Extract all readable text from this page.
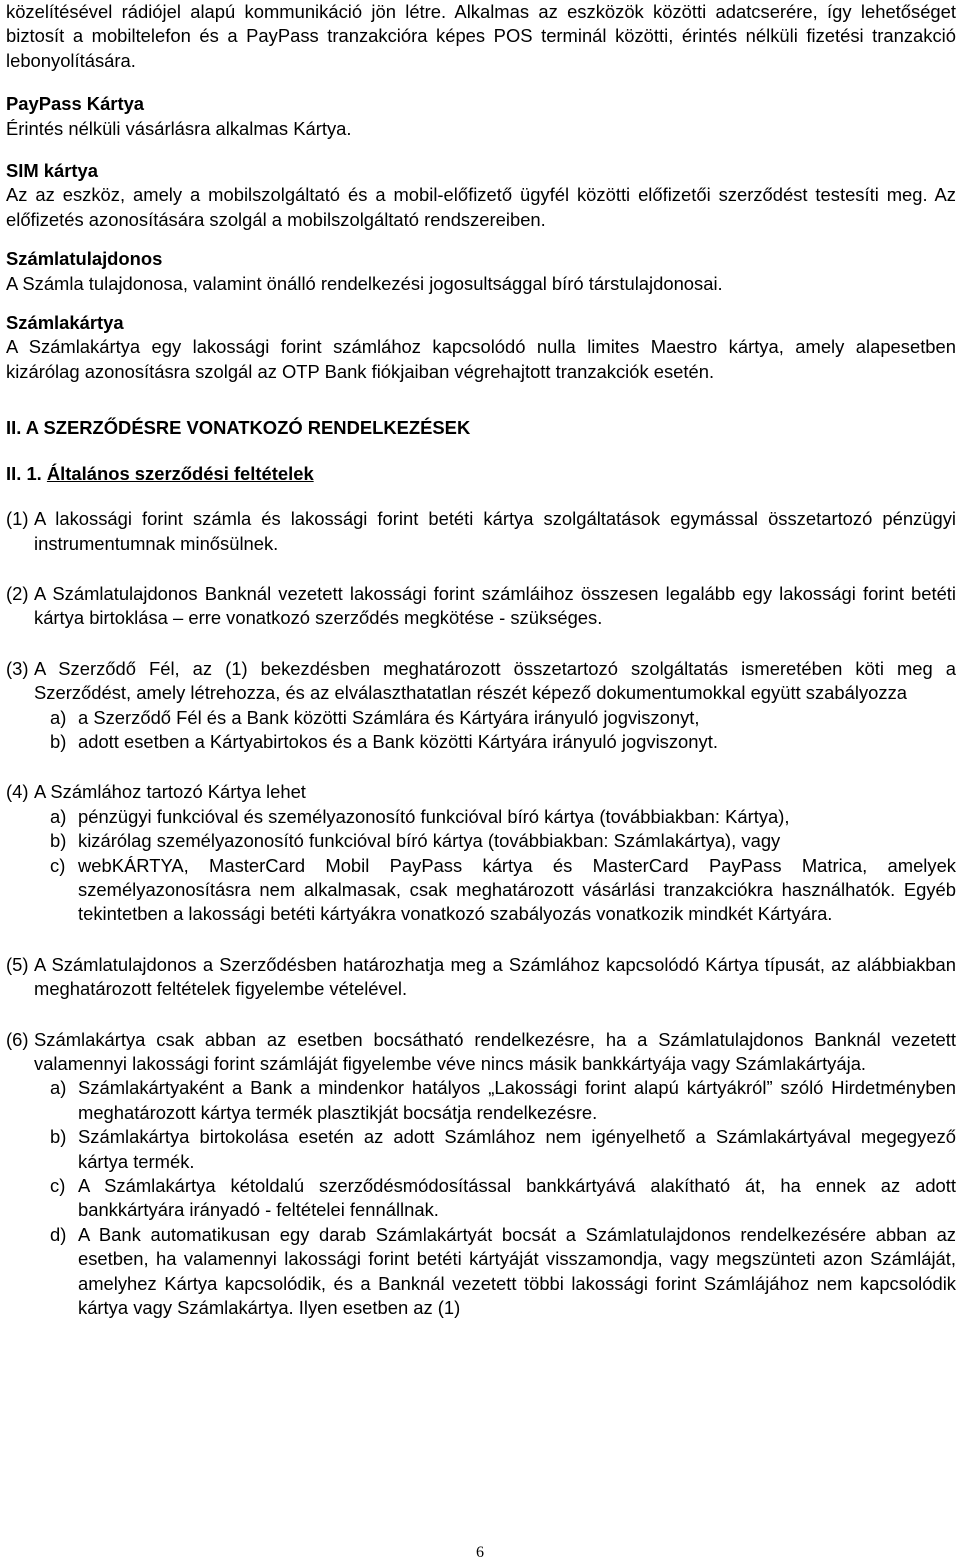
közelítésével rádiójel alapú kommunikáció jön létre. Alkalmas az eszközök közötti adatcserére, így lehetőséget biztosít a mobiltelefon és a PayPass tranzakcióra képes POS terminál közötti, érintés nélküli fizetési tranzakció lebonyolítására.

PayPass Kártya

Érintés nélküli vásárlásra alkalmas Kártya.

SIM kártya

Az az eszköz, amely a mobilszolgáltató és a mobil-előfizető ügyfél közötti előfizetői szerződést testesíti meg. Az előfizetés azonosítására szolgál a mobilszolgáltató rendszereiben.

Számlatulajdonos

A Számla tulajdonosa, valamint önálló rendelkezési jogosultsággal bíró társtulajdonosai.

Számlakártya

A Számlakártya egy lakossági forint számlához kapcsolódó nulla limites Maestro kártya, amely alapesetben kizárólag azonosításra szolgál az OTP Bank fiókjaiban végrehajtott tranzakciók esetén.

II. A SZERZŐDÉSRE VONATKOZÓ RENDELKEZÉSEK

II. 1. Általános szerződési feltételek

(1) A lakossági forint számla és lakossági forint betéti kártya szolgáltatások egymással összetartozó pénzügyi instrumentumnak minősülnek.
(2) A Számlatulajdonos Banknál vezetett lakossági forint számláihoz összesen legalább egy lakossági forint betéti kártya birtoklása – erre vonatkozó szerződés megkötése - szükséges.
(3) A Szerződő Fél, az (1) bekezdésben meghatározott összetartozó szolgáltatás ismeretében köti meg a Szerződést, amely létrehozza, és az elválaszthatatlan részét képező dokumentumokkal együtt szabályozza
a) a Szerződő Fél és a Bank közötti Számlára és Kártyára irányuló jogviszonyt,
b) adott esetben a Kártyabirtokos és a Bank közötti Kártyára irányuló jogviszonyt.
(4) A Számlához tartozó Kártya lehet
a) pénzügyi funkcióval és személyazonosító funkcióval bíró kártya (továbbiakban: Kártya),
b) kizárólag személyazonosító funkcióval bíró kártya (továbbiakban: Számlakártya), vagy
c) webKÁRTYA, MasterCard Mobil PayPass kártya és MasterCard PayPass Matrica, amelyek személyazonosításra nem alkalmasak, csak meghatározott vásárlási tranzakciókra használhatók. Egyéb tekintetben a lakossági betéti kártyákra vonatkozó szabályozás vonatkozik mindkét Kártyára.
(5) A Számlatulajdonos a Szerződésben határozhatja meg a Számlához kapcsolódó Kártya típusát, az alábbiakban meghatározott feltételek figyelembe vételével.
(6) Számlakártya csak abban az esetben bocsátható rendelkezésre, ha a Számlatulajdonos Banknál vezetett valamennyi lakossági forint számláját figyelembe véve nincs másik bankkártyája vagy Számlakártyája.
a) Számlakártyaként a Bank a mindenkor hatályos „Lakossági forint alapú kártyákról” szóló Hirdetményben meghatározott kártya termék plasztikját bocsátja rendelkezésre.
b) Számlakártya birtokolása esetén az adott Számlához nem igényelhető a Számlakártyával megegyező kártya termék.
c) A Számlakártya kétoldalú szerződésmódosítással bankkártyává alakítható át, ha ennek az adott bankkártyára irányadó - feltételei fennállnak.
d) A Bank automatikusan egy darab Számlakártyát bocsát a Számlatulajdonos rendelkezésére abban az esetben, ha valamennyi lakossági forint betéti kártyáját visszamondja, vagy megszünteti azon Számláját, amelyhez Kártya kapcsolódik, és a Banknál vezetett többi lakossági forint Számlájához nem kapcsolódik kártya vagy Számlakártya. Ilyen esetben az (1)
6
